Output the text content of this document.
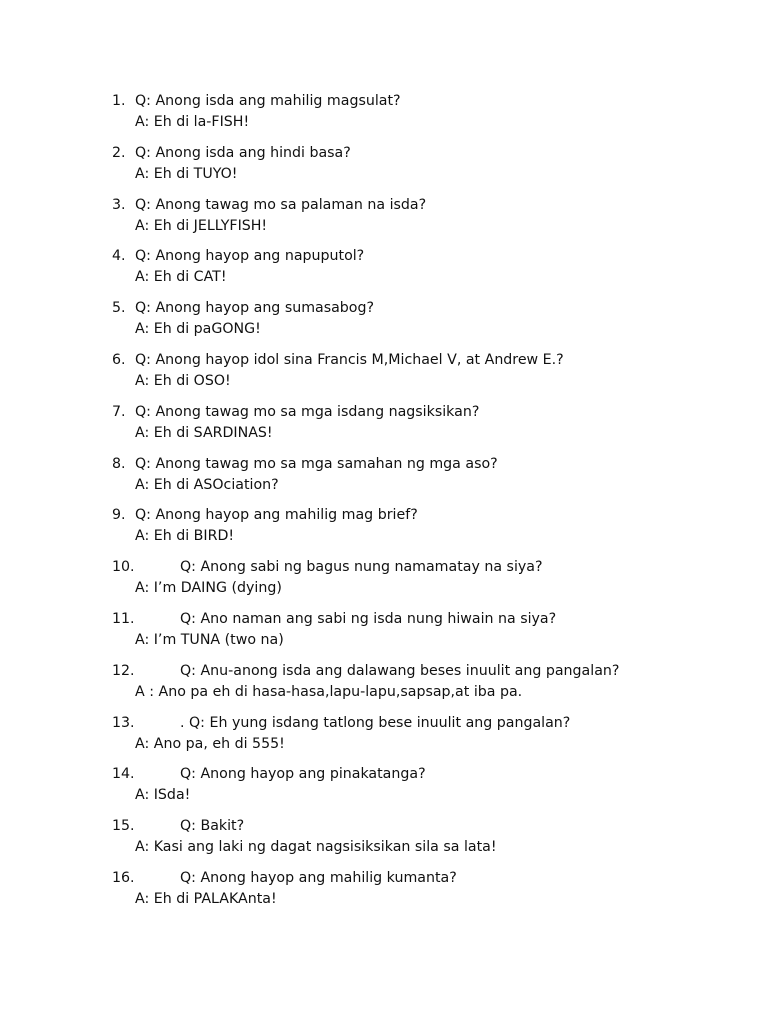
1. Q: Anong isda ang mahilig magsulat?
A: Eh di la-FISH!
2. Q: Anong isda ang hindi basa?
A: Eh di TUYO!
3. Q: Anong tawag mo sa palaman na isda?
A: Eh di JELLYFISH!
4. Q: Anong hayop ang napuputol?
A: Eh di CAT!
5. Q: Anong hayop ang sumasabog?
A: Eh di paGONG!
6. Q: Anong hayop idol sina Francis M,Michael V, at Andrew E.?
A: Eh di OSO!
7. Q: Anong tawag mo sa mga isdang nagsiksikan?
A: Eh di SARDINAS!
8. Q: Anong tawag mo sa mga samahan ng mga aso?
A: Eh di ASOciation?
9. Q: Anong hayop ang mahilig mag brief?
A: Eh di BIRD!
10.	Q: Anong sabi ng bagus nung namamatay na siya?
A: I’m DAING (dying)
11.	Q: Ano naman ang sabi ng isda nung hiwain na siya?
A: I’m TUNA (two na)
12.	Q: Anu-anong isda ang dalawang beses inuulit ang pangalan?
A : Ano pa eh di hasa-hasa,lapu-lapu,sapsap,at iba pa.
13.	. Q: Eh yung isdang tatlong bese inuulit ang pangalan?
A: Ano pa, eh di 555!
14.	Q: Anong hayop ang pinakatanga?
A: ISda!
15.	Q: Bakit?
A: Kasi ang laki ng dagat nagsisiksikan sila sa lata!
16.	Q: Anong hayop ang mahilig kumanta?
A: Eh di PALAKAnta!
